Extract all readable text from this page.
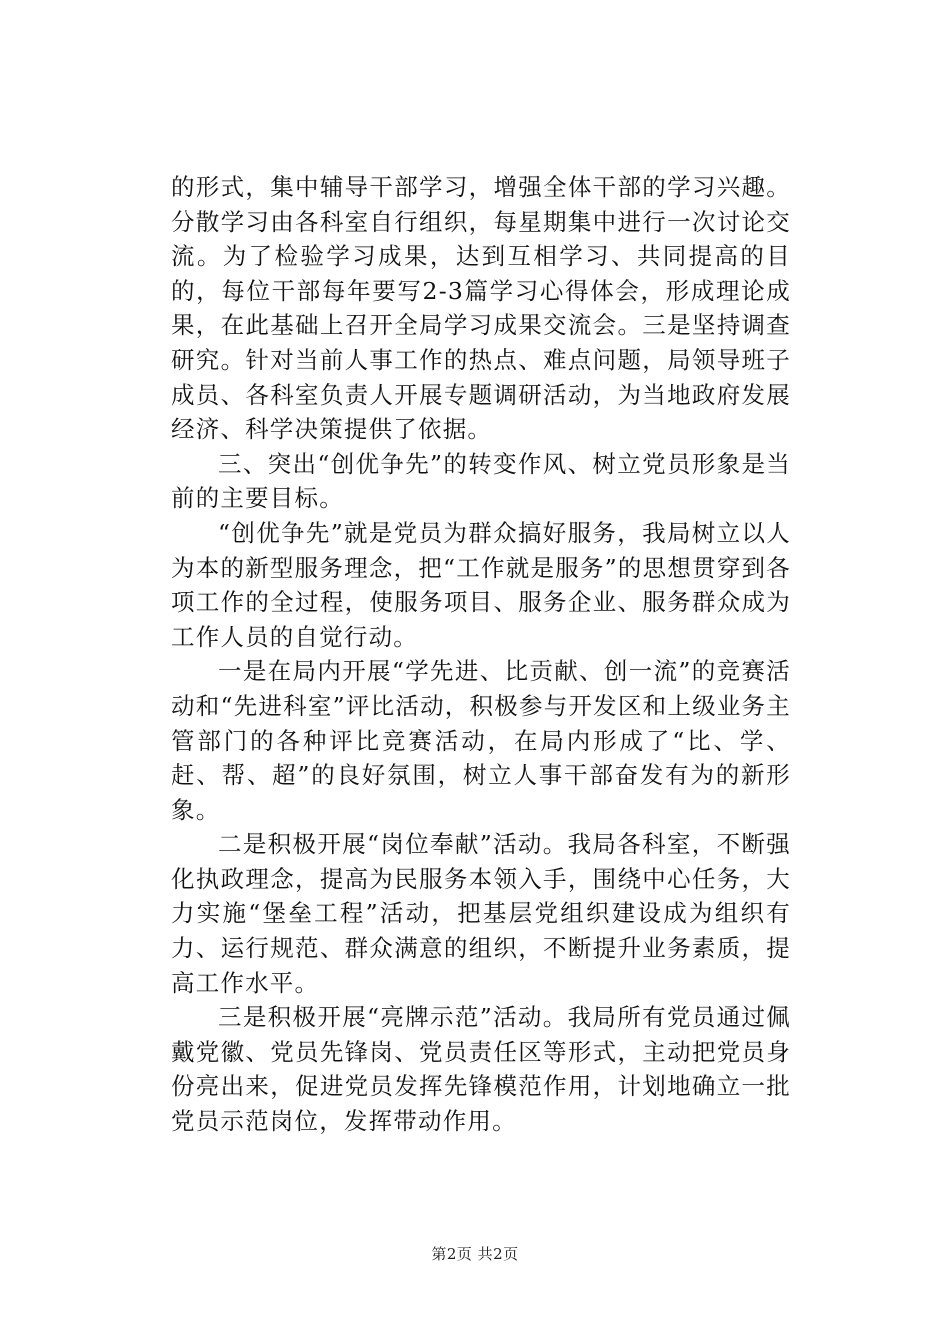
的形式，集中辅导干部学习，增强全体干部的学习兴趣。分散学习由各科室自行组织，每星期集中进行一次讨论交流。为了检验学习成果，达到互相学习、共同提高的目的，每位干部每年要写2-3篇学习心得体会，形成理论成果，在此基础上召开全局学习成果交流会。三是坚持调查研究。针对当前人事工作的热点、难点问题，局领导班子成员、各科室负责人开展专题调研活动，为当地政府发展经济、科学决策提供了依据。

三、突出“创优争先”的转变作风、树立党员形象是当前的主要目标。

“创优争先”就是党员为群众搞好服务，我局树立以人为本的新型服务理念，把“工作就是服务”的思想贯穿到各项工作的全过程，使服务项目、服务企业、服务群众成为工作人员的自觉行动。

一是在局内开展“学先进、比贡献、创一流”的竞赛活动和“先进科室”评比活动，积极参与开发区和上级业务主管部门的各种评比竞赛活动，在局内形成了“比、学、赶、帮、超”的良好氛围，树立人事干部奋发有为的新形象。

二是积极开展“岗位奉献”活动。我局各科室，不断强化执政理念，提高为民服务本领入手，围绕中心任务，大力实施“堡垒工程”活动，把基层党组织建设成为组织有力、运行规范、群众满意的组织，不断提升业务素质，提高工作水平。

三是积极开展“亮牌示范”活动。我局所有党员通过佩戴党徽、党员先锋岗、党员责任区等形式，主动把党员身份亮出来，促进党员发挥先锋模范作用，计划地确立一批党员示范岗位，发挥带动作用。

第2页 共2页
